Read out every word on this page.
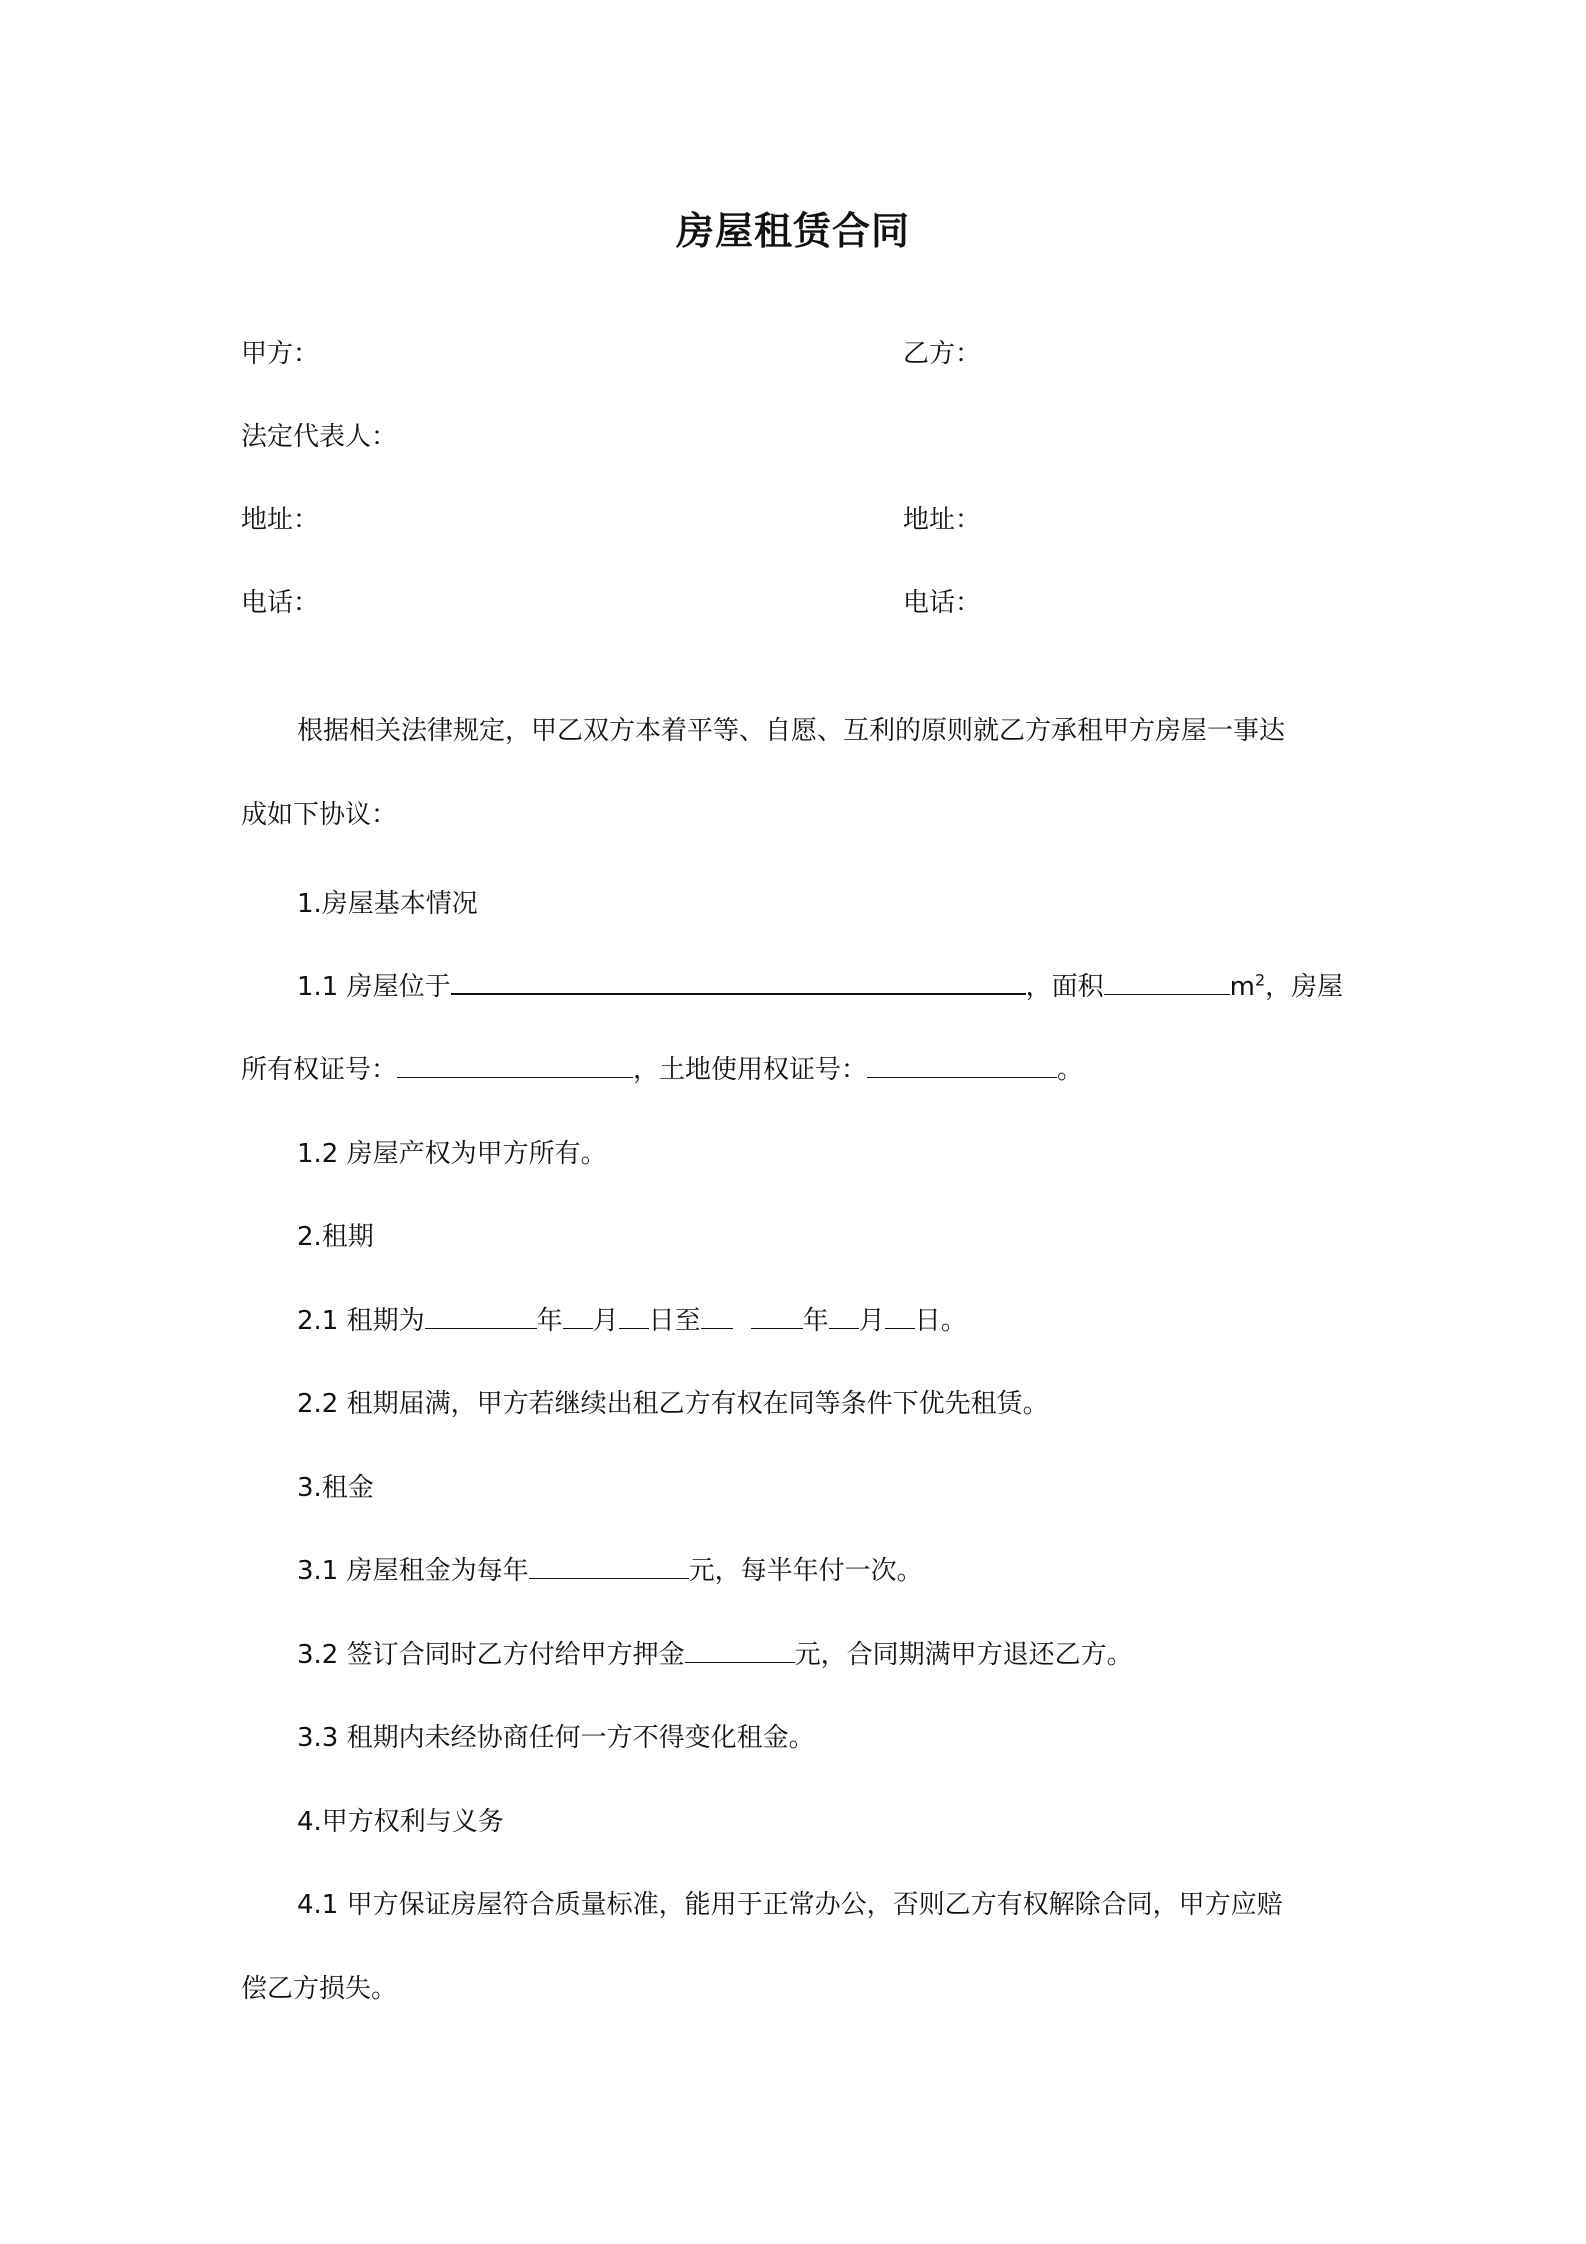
房屋租赁合同
甲方：	乙方：
法定代表人：
地址：	地址：
电话：	电话：
根据相关法律规定，甲乙双方本着平等、自愿、互利的原则就乙方承租甲方房屋一事达
成如下协议：
1.房屋基本情况
1.1 房屋位于	，面积	$m^2$，房屋
所有权证号：	，土地使用权证号：	。
1.2 房屋产权为甲方所有。
2.租期
2.1 租期为	年 月 日至	年 月 日。
2.2 租期届满，甲方若继续出租乙方有权在同等条件下优先租赁。
3.租金
3.1 房屋租金为每年	元，每半年付一次。
3.2 签订合同时乙方付给甲方押金	元，合同期满甲方退还乙方。
3.3 租期内未经协商任何一方不得变化租金。
4.甲方权利与义务
4.1 甲方保证房屋符合质量标准，能用于正常办公，否则乙方有权解除合同，甲方应赔
偿乙方损失。
